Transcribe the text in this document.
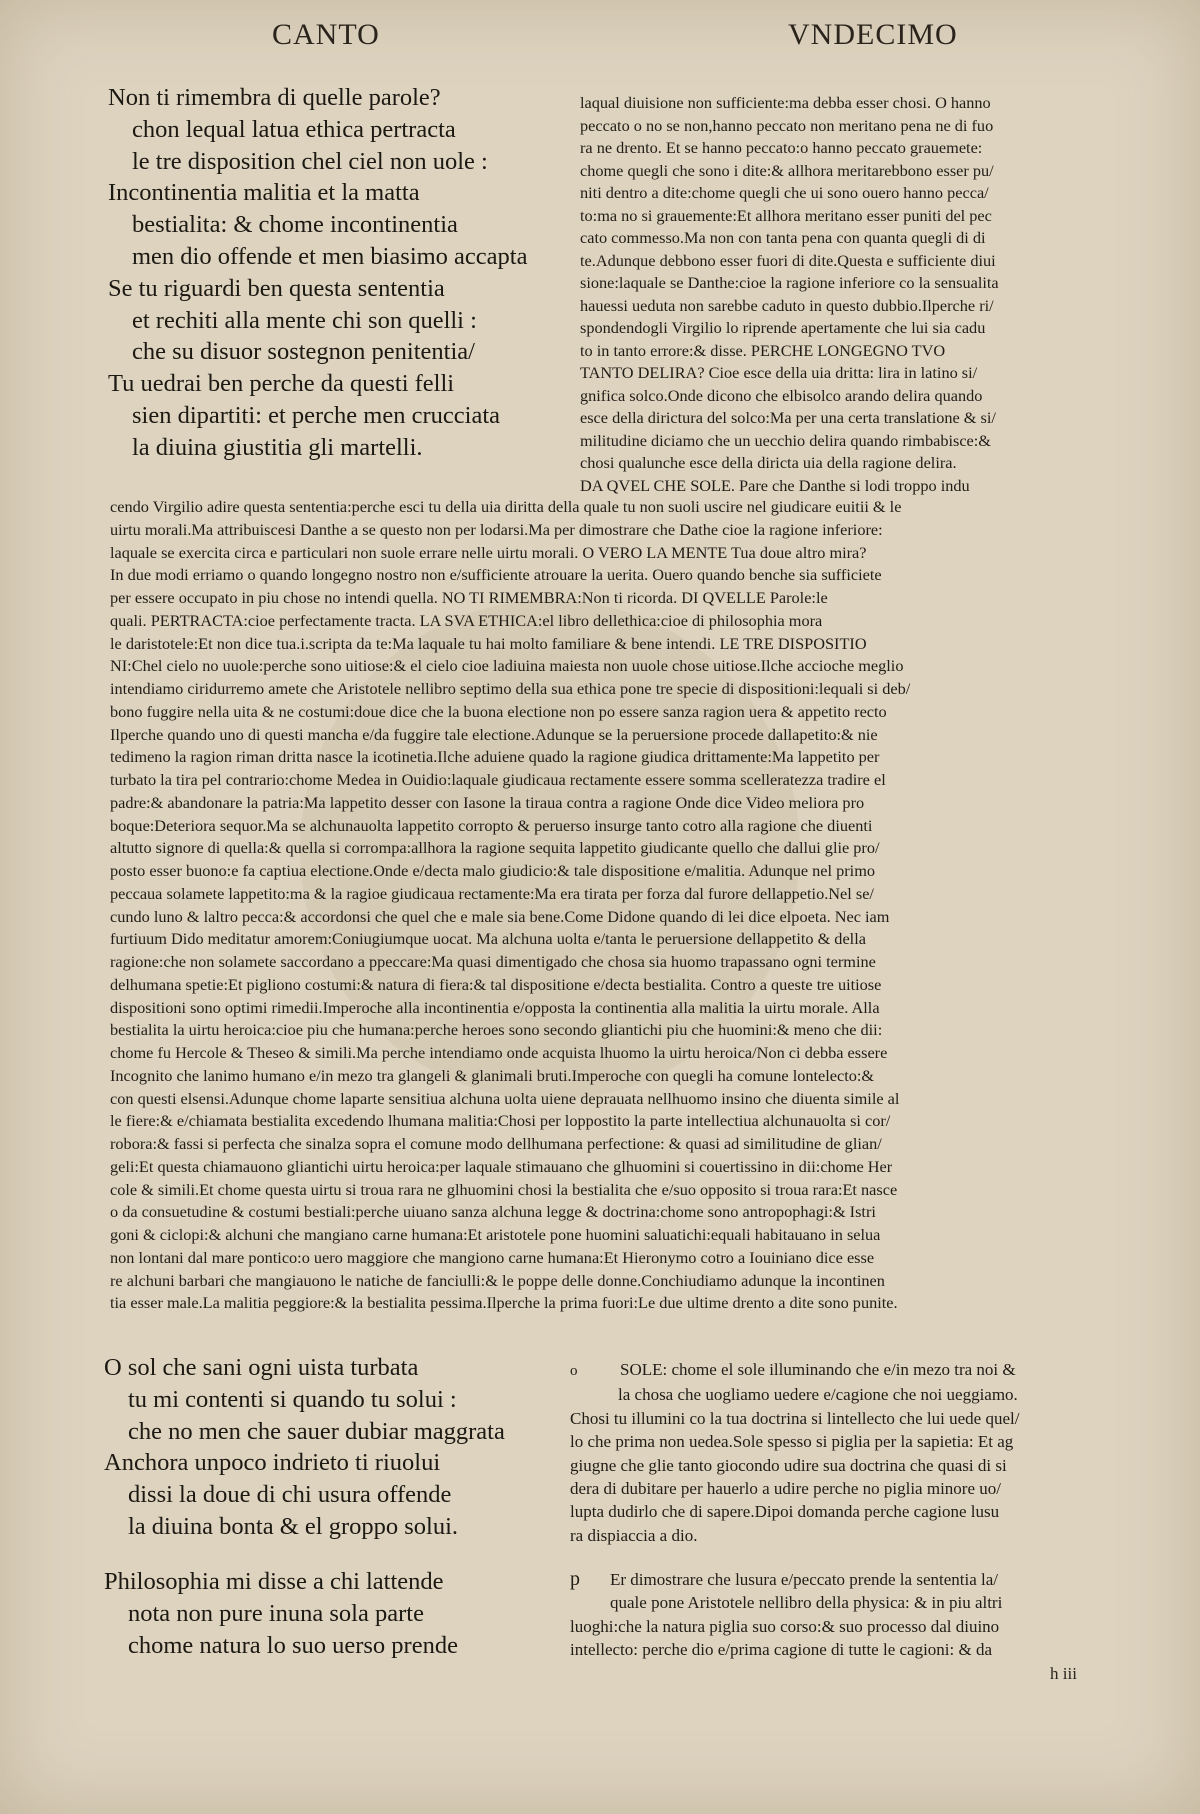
CANTO	VNDECIMO
Non ti rimembra di quelle parole?
chon lequal latua ethica pertracta
le tre disposition chel ciel non uole :
Incontinentia malitia et la matta
bestialita: & chome incontinentia
men dio offende et men biasimo accapta
Se tu riguardi ben questa sententia
et rechiti alla mente chi son quelli :
che su disuor sostegnon penitentia/
Tu uedrai ben perche da questi felli
sien dipartiti: et perche men crucciata
la diuina giustitia gli martelli.
laqual diuisione non sufficiente:ma debba esser chosi. O hanno
peccato o no se non,hanno peccato non meritano pena ne di fuo
ra ne drento. Et se hanno peccato:o hanno peccato grauemete:
chome quegli che sono i dite:& allhora meritarebbono esser pu/
niti dentro a dite:chome quegli che ui sono ouero hanno pecca/
to:ma no si grauemente:Et allhora meritano esser puniti del pec
cato commesso.Ma non con tanta pena con quanta quegli di di
te.Adunque debbono esser fuori di dite.Questa e sufficiente diui
sione:laquale se Danthe:cioe la ragione inferiore co la sensualita
hauessi ueduta non sarebbe caduto in questo dubbio.Ilperche ri/
spondendogli Virgilio lo riprende apertamente che lui sia cadu
to in tanto errore:& disse. PERCHE LONGEGNO TVO
TANTO DELIRA? Cioe esce della uia dritta: lira in latino si/
gnifica solco.Onde dicono che elbisolco arando delira quando
esce della dirictura del solco:Ma per una certa translatione & si/
militudine diciamo che un uecchio delira quando rimbabisce:&
chosi qualunche esce della diricta uia della ragione delira.
DA QVEL CHE SOLE. Pare che Danthe si lodi troppo indu
cendo Virgilio adire questa sententia:perche esci tu della uia diritta della quale tu non suoli uscire nel giudicare euitii & le
uirtu morali.Ma attribuiscesi Danthe a se questo non per lodarsi.Ma per dimostrare che Dathe cioe la ragione inferiore:
laquale se exercita circa e particulari non suole errare nelle uirtu morali. O VERO LA MENTE Tua doue altro mira?
In due modi erriamo o quando longegno nostro non e/sufficiente atrouare la uerita. Ouero quando benche sia sufficiete
per essere occupato in piu chose no intendi quella. NO TI RIMEMBRA:Non ti ricorda. DI QVELLE Parole:le
quali. PERTRACTA:cioe perfectamente tracta. LA SVA ETHICA:el libro dellethica:cioe di philosophia mora
le daristotele:Et non dice tua.i.scripta da te:Ma laquale tu hai molto familiare & bene intendi. LE TRE DISPOSITIO
NI:Chel cielo no uuole:perche sono uitiose:& el cielo cioe ladiuina maiesta non uuole chose uitiose.Ilche accioche meglio
intendiamo ciridurremo amete che Aristotele nellibro septimo della sua ethica pone tre specie di dispositioni:lequali si deb/
bono fuggire nella uita & ne costumi:doue dice che la buona electione non po essere sanza ragion uera & appetito recto
Ilperche quando uno di questi mancha e/da fuggire tale electione.Adunque se la peruersione procede dallapetito:& nie
tedimeno la ragion riman dritta nasce la icotinetia.Ilche aduiene quado la ragione giudica drittamente:Ma lappetito per
turbato la tira pel contrario:chome Medea in Ouidio:laquale giudicaua rectamente essere somma scelleratezza tradire el
padre:& abandonare la patria:Ma lappetito desser con Iasone la tiraua contra a ragione Onde dice Video meliora pro
boque:Deteriora sequor.Ma se alchunauolta lappetito corropto & peruerso insurge tanto cotro alla ragione che diuenti
altutto signore di quella:& quella si corrompa:allhora la ragione sequita lappetito giudicante quello che dallui glie pro/
posto esser buono:e fa captiua electione.Onde e/decta malo giudicio:& tale dispositione e/malitia. Adunque nel primo
peccaua solamete lappetito:ma & la ragioe giudicaua rectamente:Ma era tirata per forza dal furore dellappetio.Nel se/
cundo luno & laltro pecca:& accordonsi che quel che e male sia bene.Come Didone quando di lei dice elpoeta. Nec iam
furtiuum Dido meditatur amorem:Coniugiumque uocat. Ma alchuna uolta e/tanta le peruersione dellappetito & della
ragione:che non solamete saccordano a ppeccare:Ma quasi dimentigado che chosa sia huomo trapassano ogni termine
delhumana spetie:Et pigliono costumi:& natura di fiera:& tal dispositione e/decta bestialita. Contro a queste tre uitiose
dispositioni sono optimi rimedii.Imperoche alla incontinentia e/opposta la continentia alla malitia la uirtu morale. Alla
bestialita la uirtu heroica:cioe piu che humana:perche heroes sono secondo gliantichi piu che huomini:& meno che dii:
chome fu Hercole & Theseo & simili.Ma perche intendiamo onde acquista lhuomo la uirtu heroica/Non ci debba essere
Incognito che lanimo humano e/in mezo tra glangeli & glanimali bruti.Imperoche con quegli ha comune lontelecto:&
con questi elsensi.Adunque chome laparte sensitiua alchuna uolta uiene deprauata nellhuomo insino che diuenta simile al
le fiere:& e/chiamata bestialita excedendo lhumana malitia:Chosi per loppostito la parte intellectiua alchunauolta si cor/
robora:& fassi si perfecta che sinalza sopra el comune modo dellhumana perfectione: & quasi ad similitudine de glian/
geli:Et questa chiamauono gliantichi uirtu heroica:per laquale stimauano che glhuomini si couertissino in dii:chome Her
cole & simili.Et chome questa uirtu si troua rara ne glhuomini chosi la bestialita che e/suo opposito si troua rara:Et nasce
o da consuetudine & costumi bestiali:perche uiuano sanza alchuna legge & doctrina:chome sono antropophagi:& Istri
goni & ciclopi:& alchuni che mangiano carne humana:Et aristotele pone huomini saluatichi:equali habitauano in selua
non lontani dal mare pontico:o uero maggiore che mangiono carne humana:Et Hieronymo cotro a Iouiniano dice esse
re alchuni barbari che mangiauono le natiche de fanciulli:& le poppe delle donne.Conchiudiamo adunque la incontinen
tia esser male.La malitia peggiore:& la bestialita pessima.Ilperche la prima fuori:Le due ultime drento a dite sono punite.
O sol che sani ogni uista turbata
tu mi contenti si quando tu solui :
che no men che sauer dubiar maggrata
Anchora unpoco indrieto ti riuolui
dissi la doue di chi usura offende
la diuina bonta & el groppo solui.
Philosophia mi disse a chi lattende
nota non pure inuna sola parte
chome natura lo suo uerso prende
o	SOLE: chome el sole illuminando che e/in mezo tra noi &
la chosa che uogliamo uedere e/cagione che noi ueggiamo.
Chosi tu illumini co la tua doctrina si lintellecto che lui uede quel/
lo che prima non uedea.Sole spesso si piglia per la sapietia: Et ag
giugne che glie tanto giocondo udire sua doctrina che quasi di si
dera di dubitare per hauerlo a udire perche no piglia minore uo/
lupta dudirlo che di sapere.Dipoi domanda perche cagione lusu
ra dispiaccia a dio.
p Er dimostrare che lusura e/peccato prende la sententia la/
quale pone Aristotele nellibro della physica: & in piu altri
luoghi:che la natura piglia suo corso:& suo processo dal diuino
intellecto: perche dio e/prima cagione di tutte le cagioni: & da
h iii
